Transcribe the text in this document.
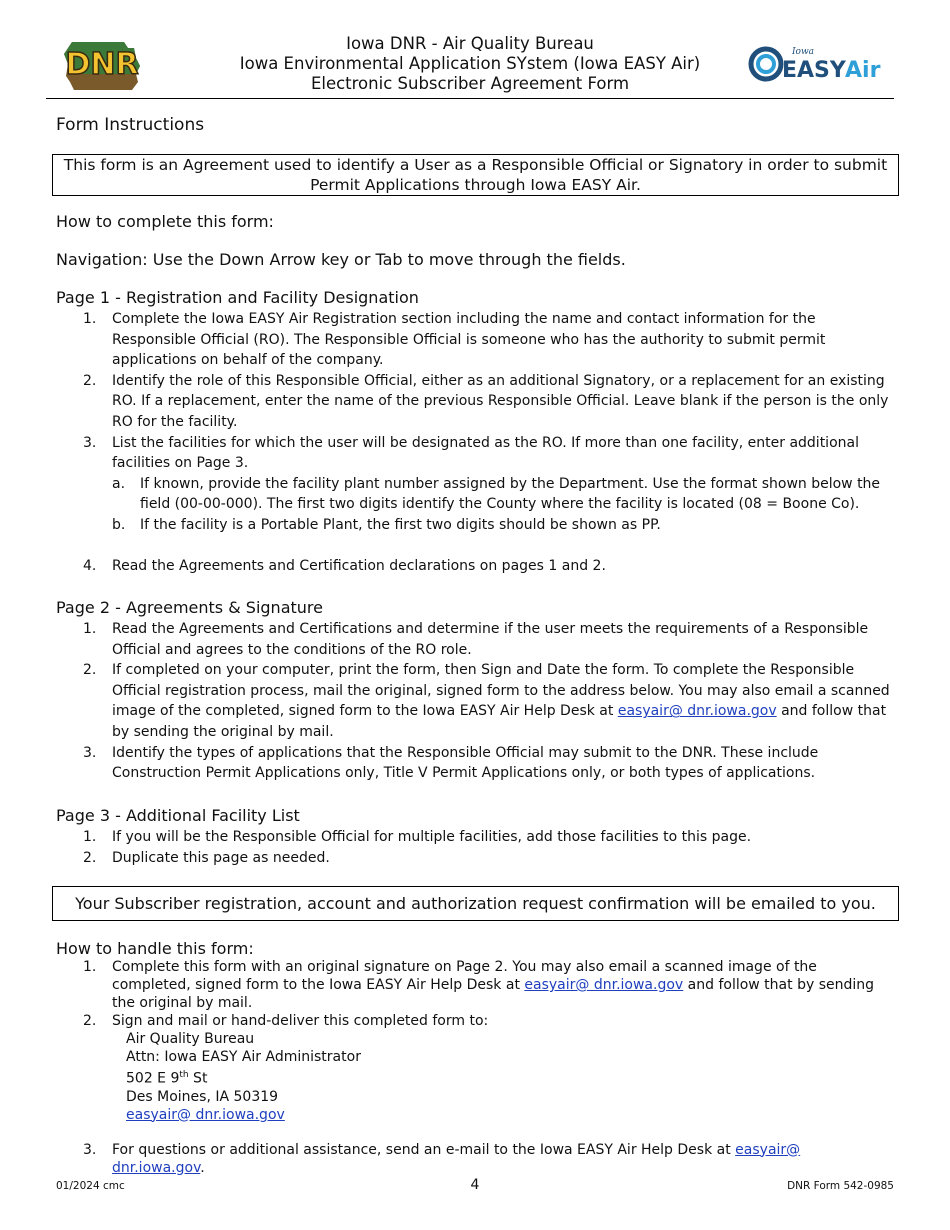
DNR
Iowa DNR - Air Quality Bureau
Iowa Environmental Application SYstem (Iowa EASY Air)
Electronic Subscriber Agreement Form
Iowa
EASY Air
Form Instructions
This form is an Agreement used to identify a User as a Responsible Official or Signatory in order to submit Permit Applications through Iowa EASY Air.
How to complete this form:
Navigation: Use the Down Arrow key or Tab to move through the fields.
Page 1 - Registration and Facility Designation
1. Complete the Iowa EASY Air Registration section including the name and contact information for the Responsible Official (RO). The Responsible Official is someone who has the authority to submit permit applications on behalf of the company.
2. Identify the role of this Responsible Official, either as an additional Signatory, or a replacement for an existing RO. If a replacement, enter the name of the previous Responsible Official. Leave blank if the person is the only RO for the facility.
3. List the facilities for which the user will be designated as the RO. If more than one facility, enter additional facilities on Page 3.
a. If known, provide the facility plant number assigned by the Department. Use the format shown below the field (00-00-000). The first two digits identify the County where the facility is located (08 = Boone Co).
b. If the facility is a Portable Plant, the first two digits should be shown as PP.
4. Read the Agreements and Certification declarations on pages 1 and 2.
Page 2 - Agreements & Signature
1. Read the Agreements and Certifications and determine if the user meets the requirements of a Responsible Official and agrees to the conditions of the RO role.
2. If completed on your computer, print the form, then Sign and Date the form. To complete the Responsible Official registration process, mail the original, signed form to the address below. You may also email a scanned image of the completed, signed form to the Iowa EASY Air Help Desk at easyair@ dnr.iowa.gov and follow that by sending the original by mail.
3. Identify the types of applications that the Responsible Official may submit to the DNR. These include Construction Permit Applications only, Title V Permit Applications only, or both types of applications.
Page 3 - Additional Facility List
1. If you will be the Responsible Official for multiple facilities, add those facilities to this page.
2. Duplicate this page as needed.
Your Subscriber registration, account and authorization request confirmation will be emailed to you.
How to handle this form:
1. Complete this form with an original signature on Page 2. You may also email a scanned image of the completed, signed form to the Iowa EASY Air Help Desk at easyair@ dnr.iowa.gov and follow that by sending the original by mail.
2. Sign and mail or hand-deliver this completed form to:
Air Quality Bureau
Attn: Iowa EASY Air Administrator
502 E 9th St
Des Moines, IA 50319
easyair@ dnr.iowa.gov
3. For questions or additional assistance, send an e-mail to the Iowa EASY Air Help Desk at easyair@ dnr.iowa.gov.
01/2024 cmc	4	DNR Form 542-0985
